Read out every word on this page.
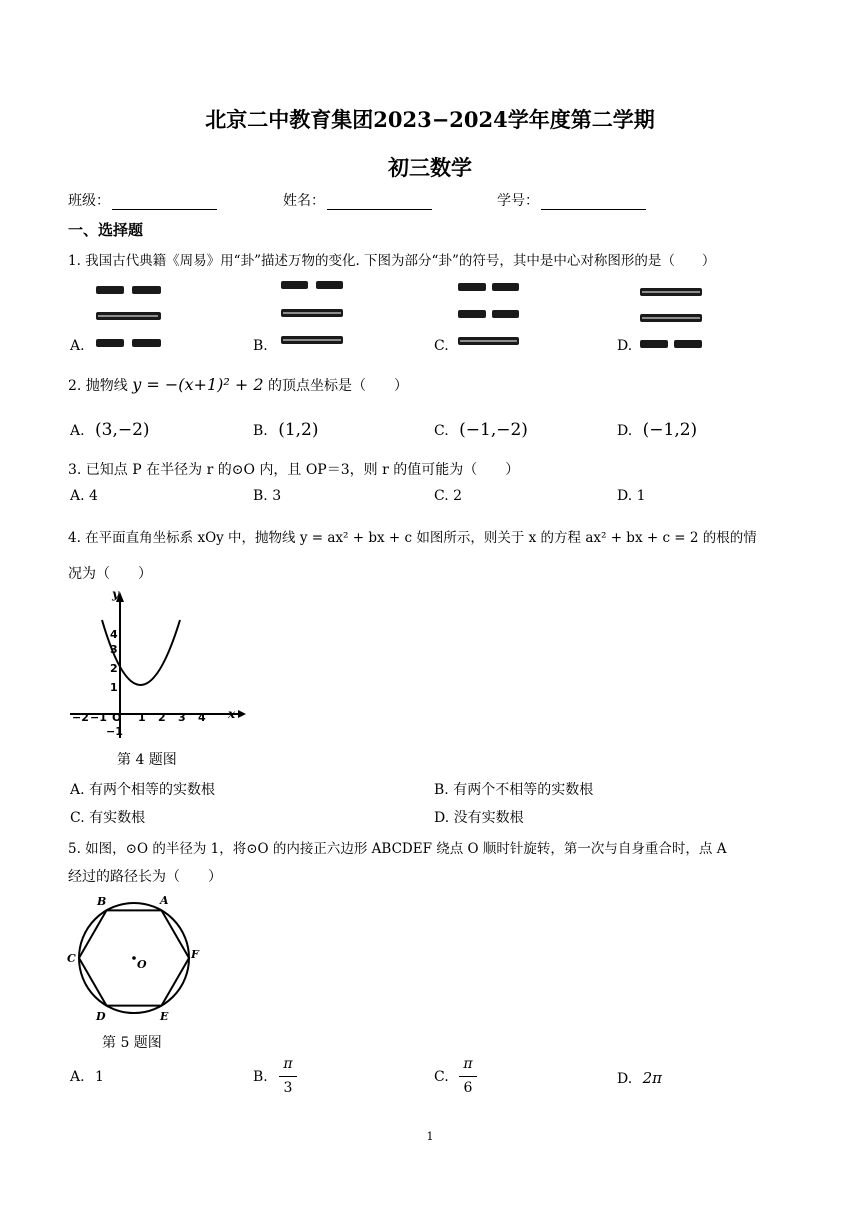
北京二中教育集团2023−2024学年度第二学期
初三数学
班级：	姓名：	学号：
一、选择题
1. 我国古代典籍《周易》用“卦”描述万物的变化. 下图为部分“卦”的符号，其中是中心对称图形的是（　　）
A.	B.	C.	D.
2. 抛物线 y = −(x+1)² + 2 的顶点坐标是（　　）
A. (3,−2)	B. (1,2)	C. (−1,−2)	D. (−1,2)
3. 已知点 P 在半径为 r 的⊙O 内，且 OP＝3，则 r 的值可能为（　　）
A. 4	B. 3	C. 2	D. 1
4. 在平面直角坐标系 xOy 中，抛物线 y = ax² + bx + c 如图所示，则关于 x 的方程 ax² + bx + c = 2 的根的情
况为（　　）
y
x
4
3
2
1
−1
−2 −1 O 1 2 3 4
第 4 题图
A. 有两个相等的实数根	B. 有两个不相等的实数根
C. 有实数根	D. 没有实数根
5. 如图，⊙O 的半径为 1，将⊙O 的内接正六边形 ABCDEF 绕点 O 顺时针旋转，第一次与自身重合时，点 A
经过的路径长为（　　）
A
B
C
D	E
F
O
第 5 题图
A. 1	B.
π
3
C.
π
6
D. 2π
1
